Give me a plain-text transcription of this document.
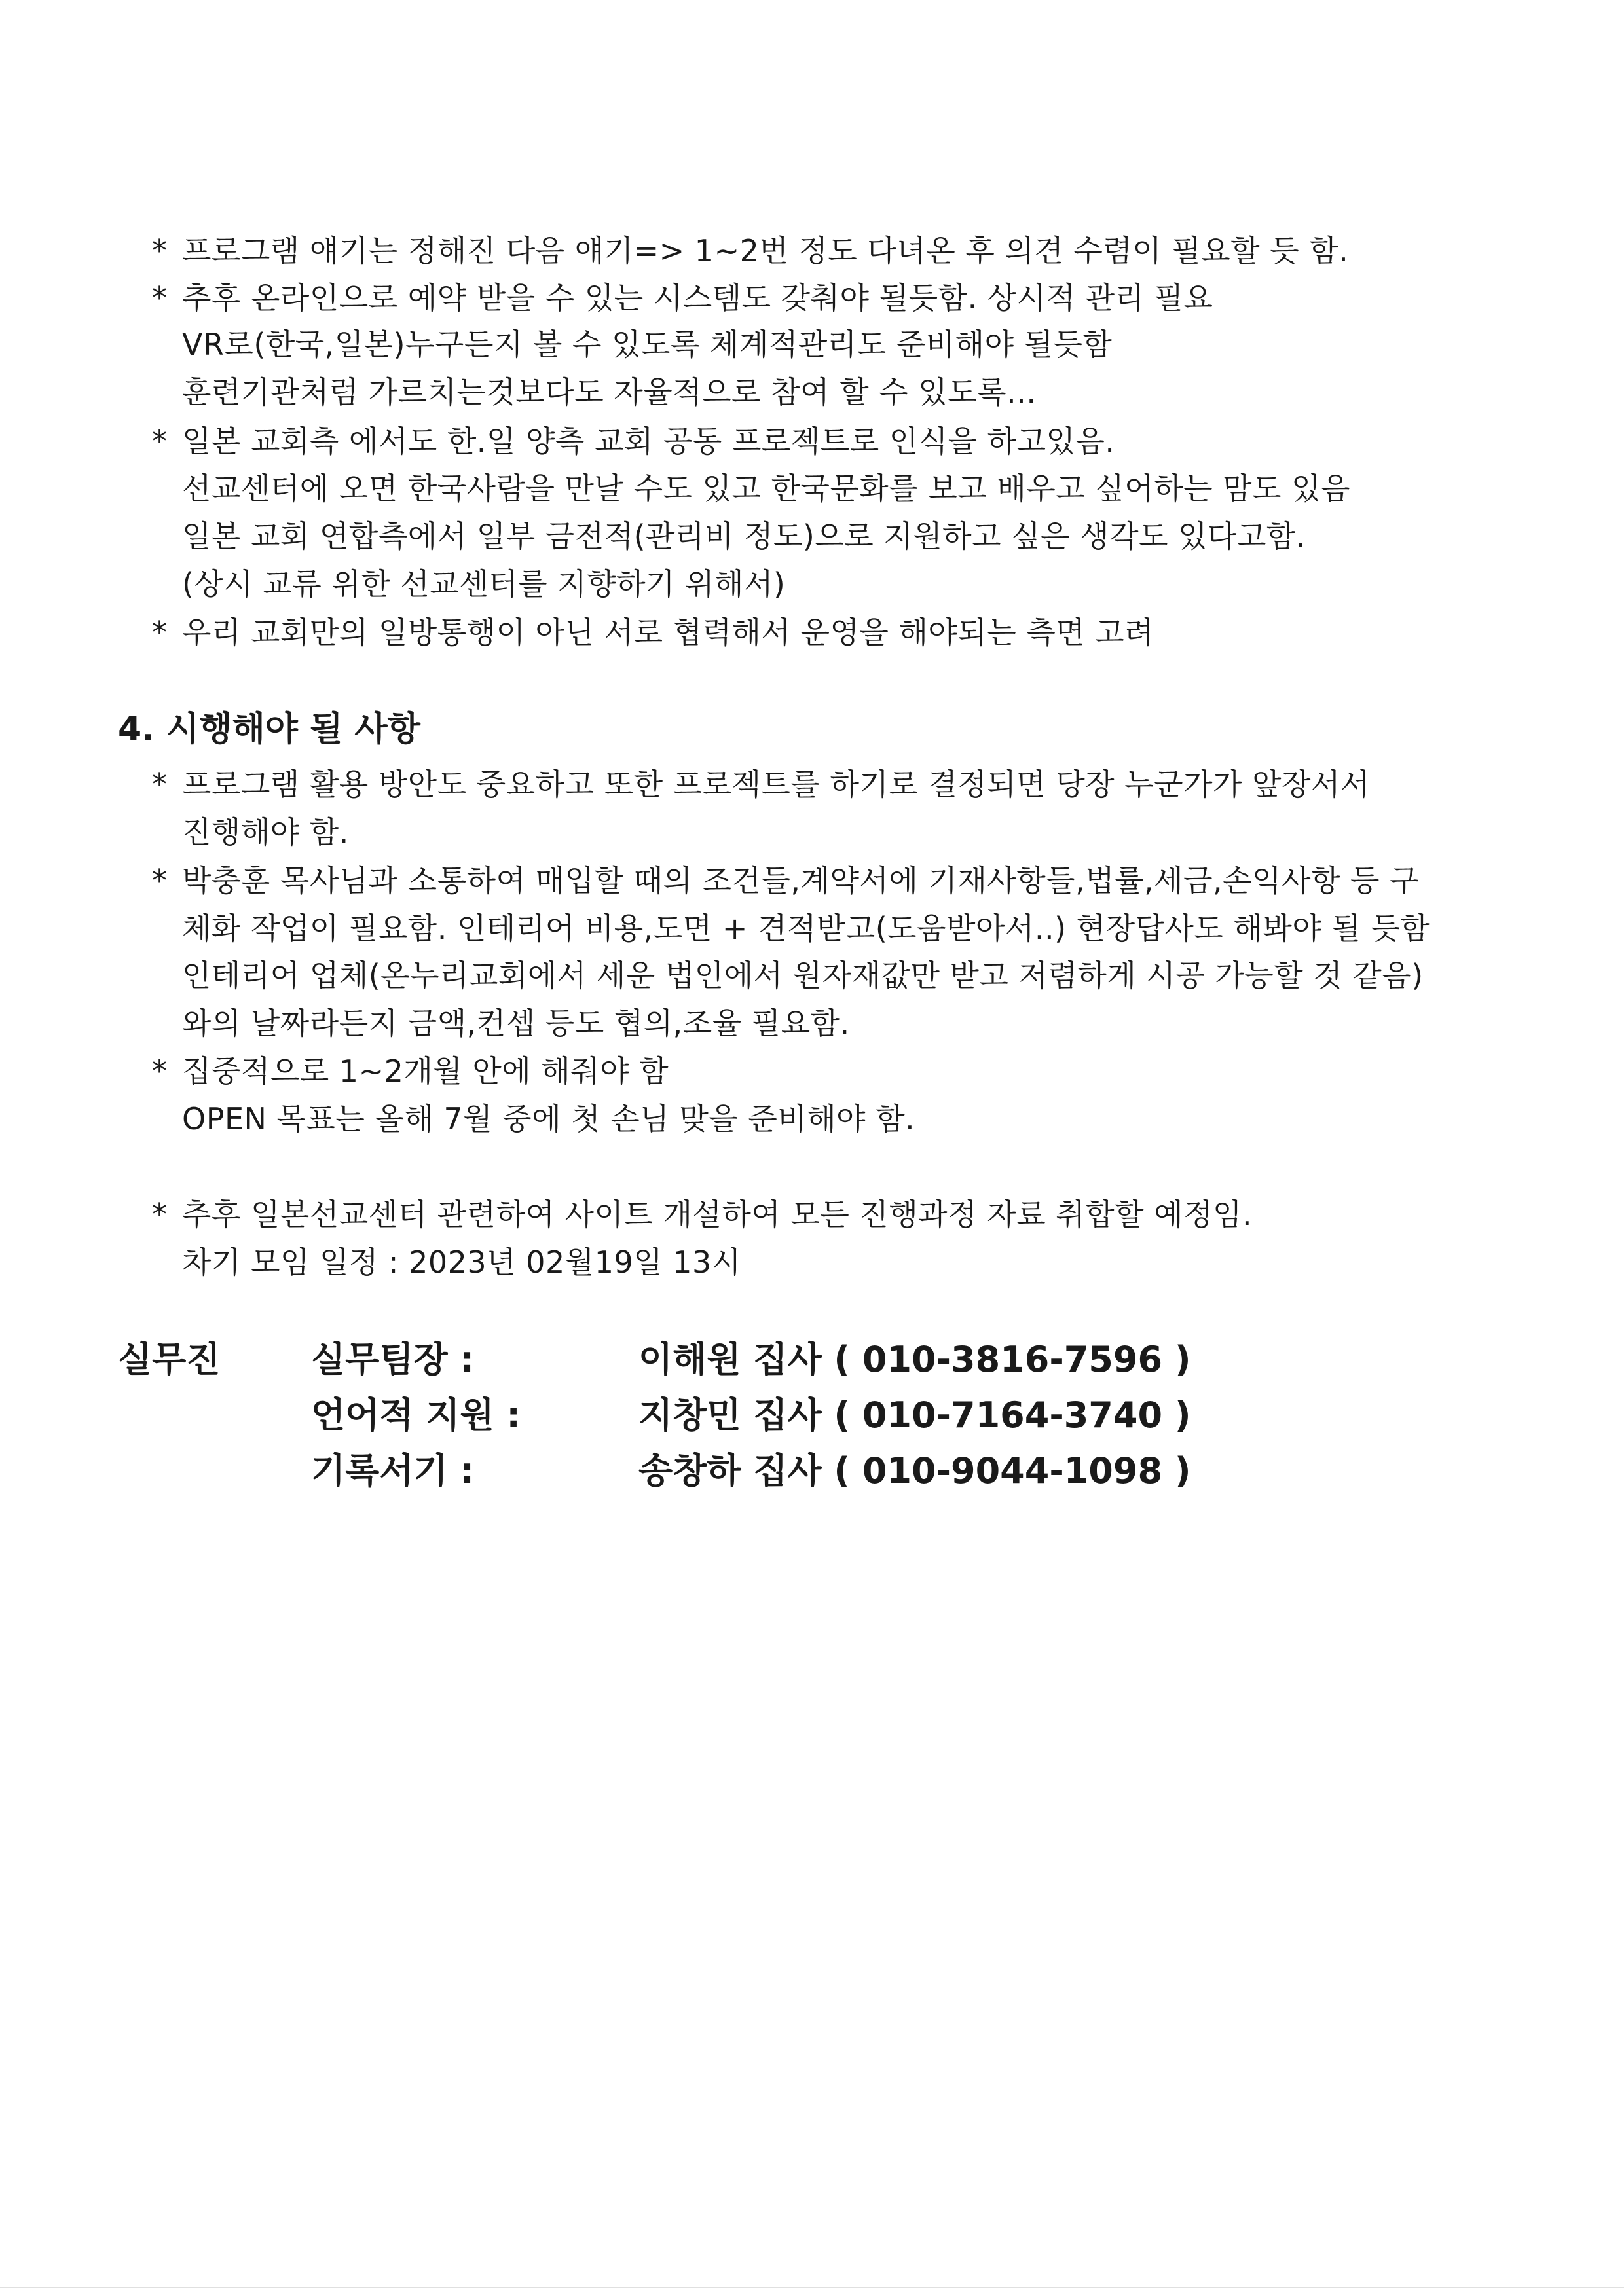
* 프로그램 얘기는 정해진 다음 얘기=> 1~2번 정도 다녀온 후 의견 수렴이 필요할 듯 함.
* 추후 온라인으로 예약 받을 수 있는 시스템도 갖춰야 될듯함. 상시적 관리 필요
VR로(한국,일본)누구든지 볼 수 있도록 체계적관리도 준비해야 될듯함
훈련기관처럼 가르치는것보다도 자율적으로 참여 할 수 있도록...
* 일본 교회측 에서도 한.일 양측 교회 공동 프로젝트로 인식을 하고있음.
선교센터에 오면 한국사람을 만날 수도 있고 한국문화를 보고 배우고 싶어하는 맘도 있음
일본 교회 연합측에서 일부 금전적(관리비 정도)으로 지원하고 싶은 생각도 있다고함.
(상시 교류 위한 선교센터를 지향하기 위해서)
* 우리 교회만의 일방통행이 아닌 서로 협력해서 운영을 해야되는 측면 고려
4. 시행해야 될 사항
* 프로그램 활용 방안도 중요하고 또한 프로젝트를 하기로 결정되면 당장 누군가가 앞장서서
진행해야 함.
* 박충훈 목사님과 소통하여 매입할 때의 조건들,계약서에 기재사항들,법률,세금,손익사항 등 구
체화 작업이 필요함. 인테리어 비용,도면 + 견적받고(도움받아서..) 현장답사도 해봐야 될 듯함
인테리어 업체(온누리교회에서 세운 법인에서 원자재값만 받고 저렴하게 시공 가능할 것 같음)
와의 날짜라든지 금액,컨셉 등도 협의,조율 필요함.
* 집중적으로 1~2개월 안에 해줘야 함
OPEN 목표는 올해 7월 중에 첫 손님 맞을 준비해야 함.
* 추후 일본선교센터 관련하여 사이트 개설하여 모든 진행과정 자료 취합할 예정임.
차기 모임 일정 : 2023년 02월19일 13시
실무진	실무팀장 :	이해원 집사 ( 010-3816-7596 )
언어적 지원 :	지창민 집사 ( 010-7164-3740 )
기록서기 :	송창하 집사 ( 010-9044-1098 )
